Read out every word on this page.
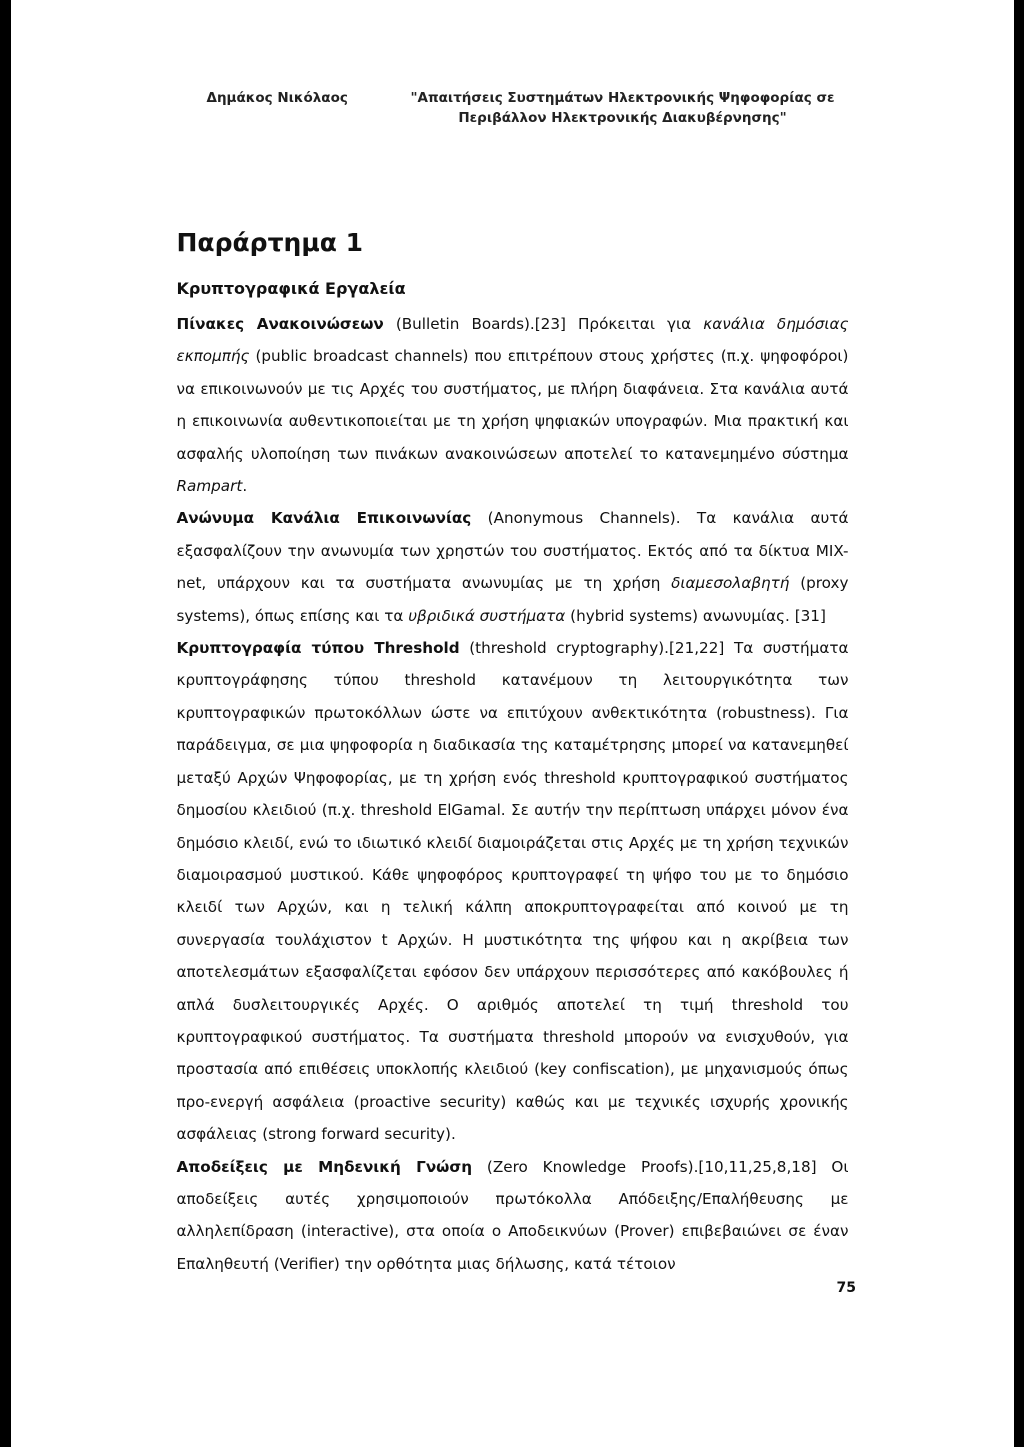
Δημάκος Νικόλαος	"Απαιτήσεις Συστημάτων Ηλεκτρονικής Ψηφοφορίας σε
Περιβάλλον Ηλεκτρονικής Διακυβέρνησης"
Παράρτημα 1
Κρυπτογραφικά Εργαλεία

Πίνακες Ανακοινώσεων (Bulletin Boards).[23] Πρόκειται για κανάλια δημόσιας εκπομπής (public broadcast channels) που επιτρέπουν στους χρήστες (π.χ. ψηφοφόροι) να επικοινωνούν με τις Αρχές του συστήματος, με πλήρη διαφάνεια. Στα κανάλια αυτά η επικοινωνία αυθεντικοποιείται με τη χρήση ψηφιακών υπογραφών. Μια πρακτική και ασφαλής υλοποίηση των πινάκων ανακοινώσεων αποτελεί το κατανεμημένο σύστημα Rampart.

Ανώνυμα Κανάλια Επικοινωνίας (Anonymous Channels). Τα κανάλια αυτά εξασφαλίζουν την ανωνυμία των χρηστών του συστήματος. Εκτός από τα δίκτυα MIX-net, υπάρχουν και τα συστήματα ανωνυμίας με τη χρήση διαμεσολαβητή (proxy systems), όπως επίσης και τα υβριδικά συστήματα (hybrid systems) ανωνυμίας. [31]

Κρυπτογραφία τύπου Threshold (threshold cryptography).[21,22] Τα συστήματα κρυπτογράφησης τύπου threshold κατανέμουν τη λειτουργικότητα των κρυπτογραφικών πρωτοκόλλων ώστε να επιτύχουν ανθεκτικότητα (robustness). Για παράδειγμα, σε μια ψηφοφορία η διαδικασία της καταμέτρησης μπορεί να κατανεμηθεί μεταξύ Αρχών Ψηφοφορίας, με τη χρήση ενός threshold κρυπτογραφικού συστήματος δημοσίου κλειδιού (π.χ. threshold ElGamal. Σε αυτήν την περίπτωση υπάρχει μόνον ένα δημόσιο κλειδί, ενώ το ιδιωτικό κλειδί διαμοιράζεται στις Αρχές με τη χρήση τεχνικών διαμοιρασμού μυστικού. Κάθε ψηφοφόρος κρυπτογραφεί τη ψήφο του με το δημόσιο κλειδί των Αρχών, και η τελική κάλπη αποκρυπτογραφείται από κοινού με τη συνεργασία τουλάχιστον t Αρχών. Η μυστικότητα της ψήφου και η ακρίβεια των αποτελεσμάτων εξασφαλίζεται εφόσον δεν υπάρχουν περισσότερες από κακόβουλες ή απλά δυσλειτουργικές Αρχές. Ο αριθμός αποτελεί τη τιμή threshold του κρυπτογραφικού συστήματος. Τα συστήματα threshold μπορούν να ενισχυθούν, για προστασία από επιθέσεις υποκλοπής κλειδιού (key confiscation), με μηχανισμούς όπως προ-ενεργή ασφάλεια (proactive security) καθώς και με τεχνικές ισχυρής χρονικής ασφάλειας (strong forward security).

Αποδείξεις με Μηδενική Γνώση (Zero Knowledge Proofs).[10,11,25,8,18] Οι αποδείξεις αυτές χρησιμοποιούν πρωτόκολλα Απόδειξης/Επαλήθευσης με αλληλεπίδραση (interactive), στα οποία ο Αποδεικνύων (Prover) επιβεβαιώνει σε έναν Επαληθευτή (Verifier) την ορθότητα μιας δήλωσης, κατά τέτοιον

75
